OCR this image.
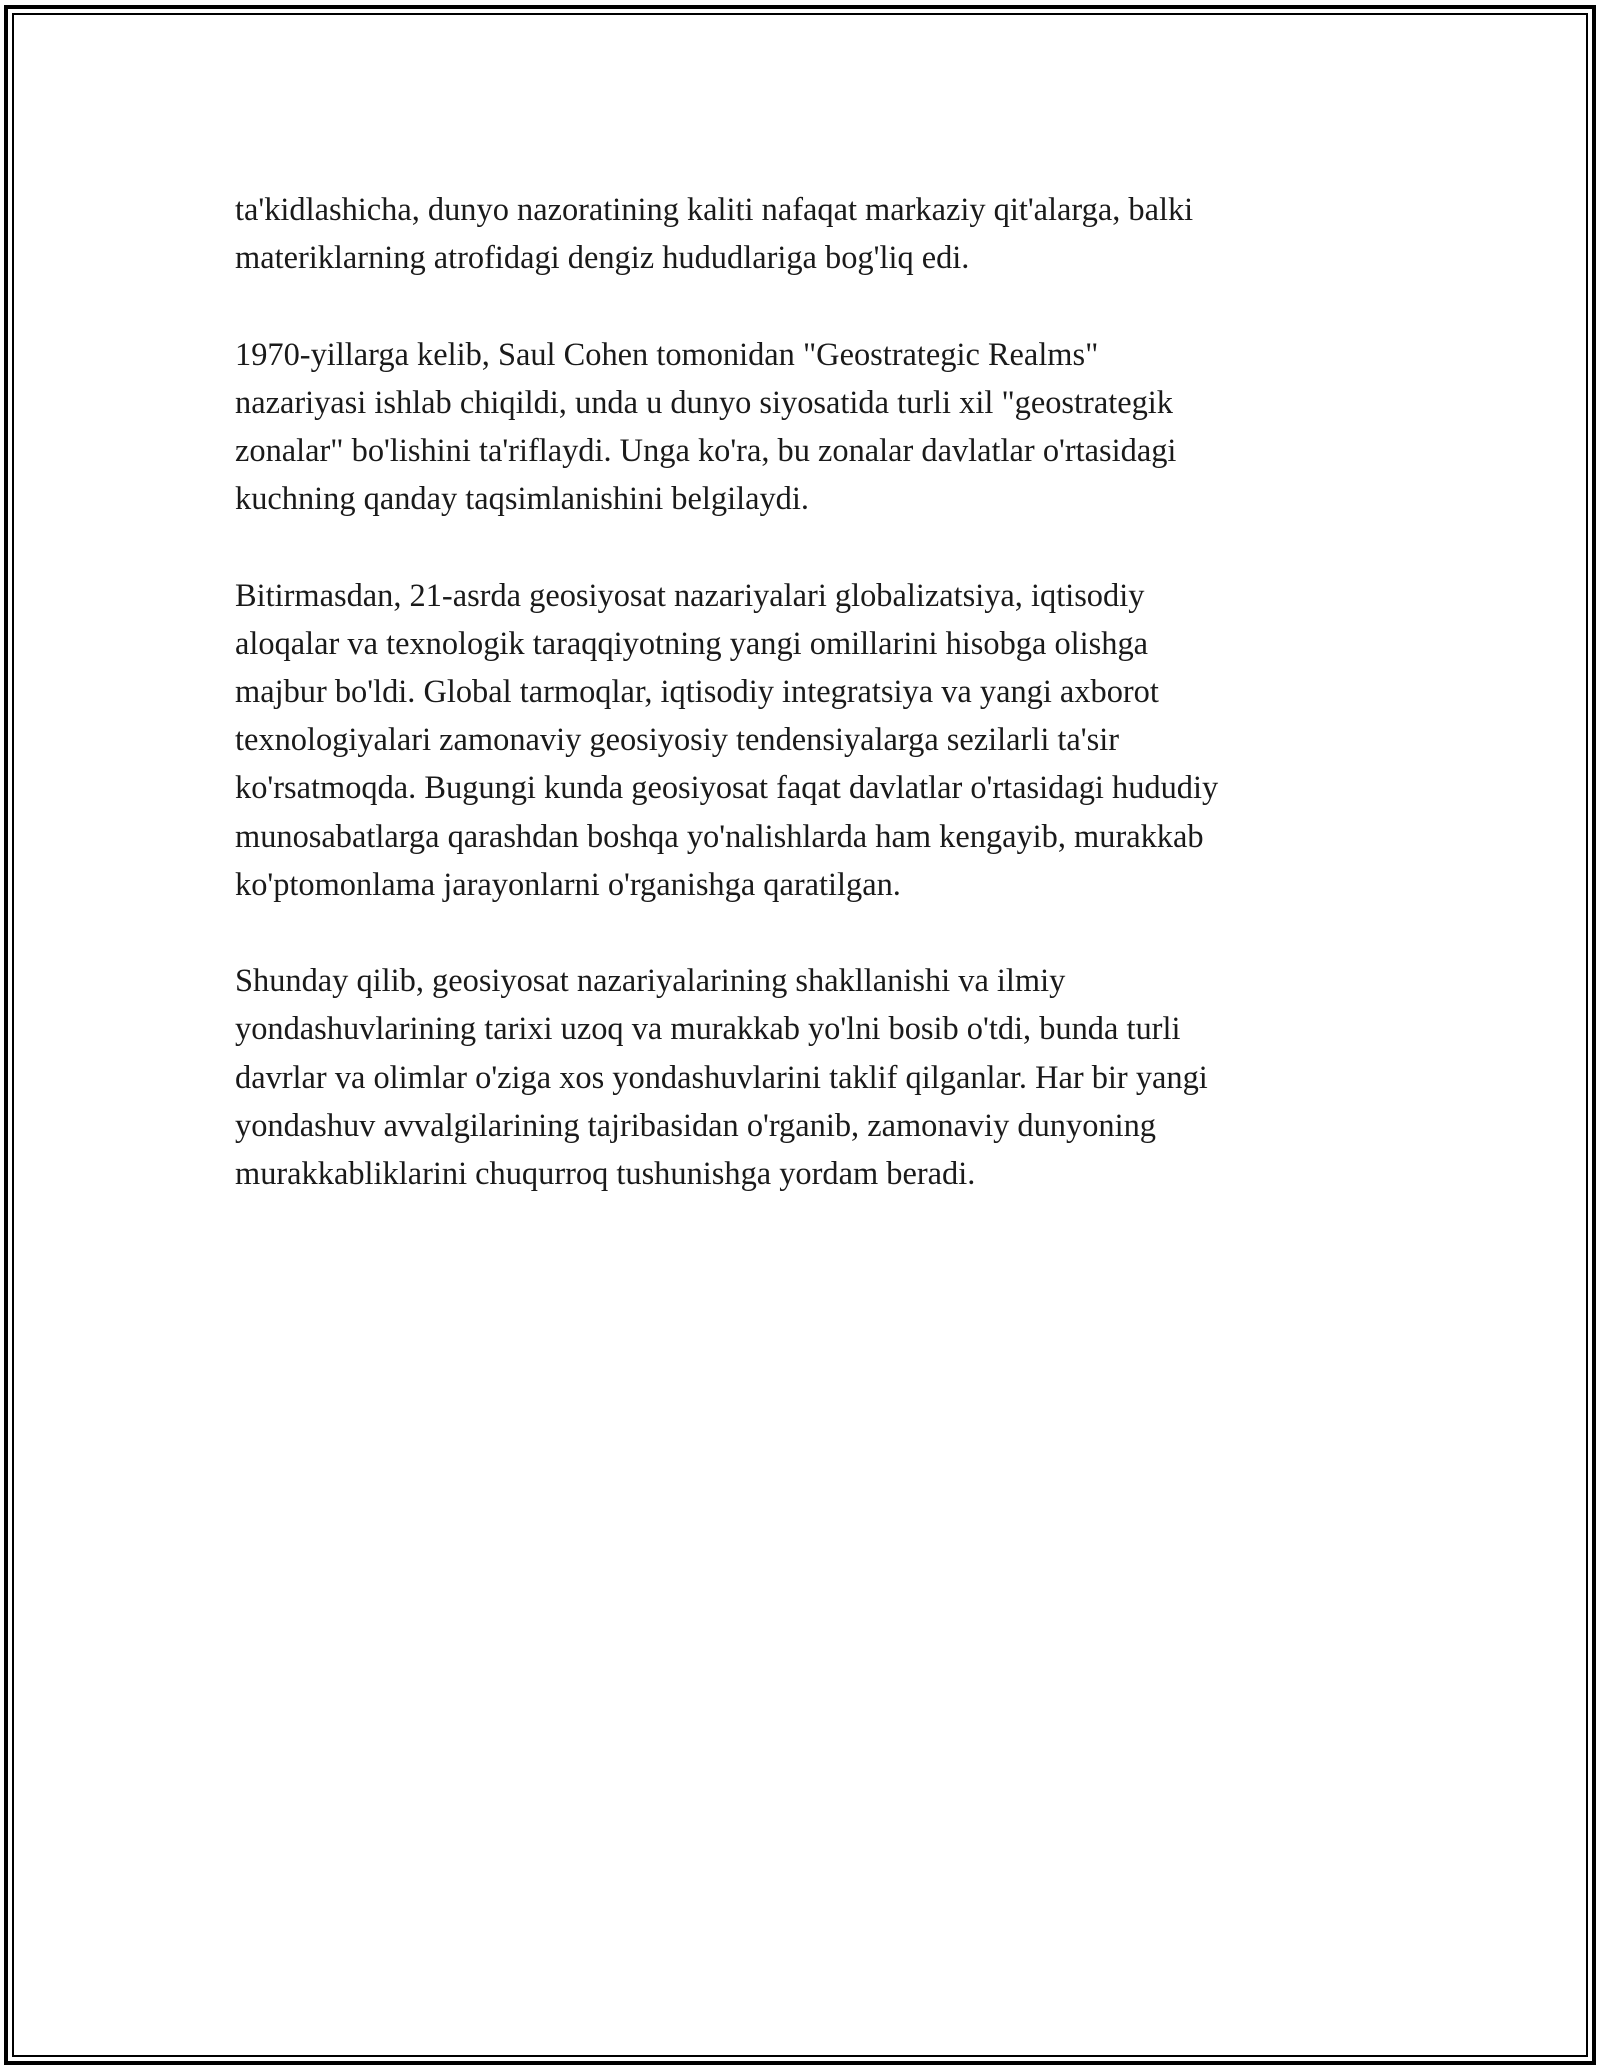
ta'kidlashicha, dunyo nazoratining kaliti nafaqat markaziy qit'alarga, balki
materiklarning atrofidagi dengiz hududlariga bog'liq edi.

1970-yillarga kelib, Saul Cohen tomonidan "Geostrategic Realms"
nazariyasi ishlab chiqildi, unda u dunyo siyosatida turli xil "geostrategik
zonalar" bo'lishini ta'riflaydi. Unga ko'ra, bu zonalar davlatlar o'rtasidagi
kuchning qanday taqsimlanishini belgilaydi.

Bitirmasdan, 21-asrda geosiyosat nazariyalari globalizatsiya, iqtisodiy
aloqalar va texnologik taraqqiyotning yangi omillarini hisobga olishga
majbur bo'ldi. Global tarmoqlar, iqtisodiy integratsiya va yangi axborot
texnologiyalari zamonaviy geosiyosiy tendensiyalarga sezilarli ta'sir
ko'rsatmoqda. Bugungi kunda geosiyosat faqat davlatlar o'rtasidagi hududiy
munosabatlarga qarashdan boshqa yo'nalishlarda ham kengayib, murakkab
ko'ptomonlama jarayonlarni o'rganishga qaratilgan.

Shunday qilib, geosiyosat nazariyalarining shakllanishi va ilmiy
yondashuvlarining tarixi uzoq va murakkab yo'lni bosib o'tdi, bunda turli
davrlar va olimlar o'ziga xos yondashuvlarini taklif qilganlar. Har bir yangi
yondashuv avvalgilarining tajribasidan o'rganib, zamonaviy dunyoning
murakkabliklarini chuqurroq tushunishga yordam beradi.
